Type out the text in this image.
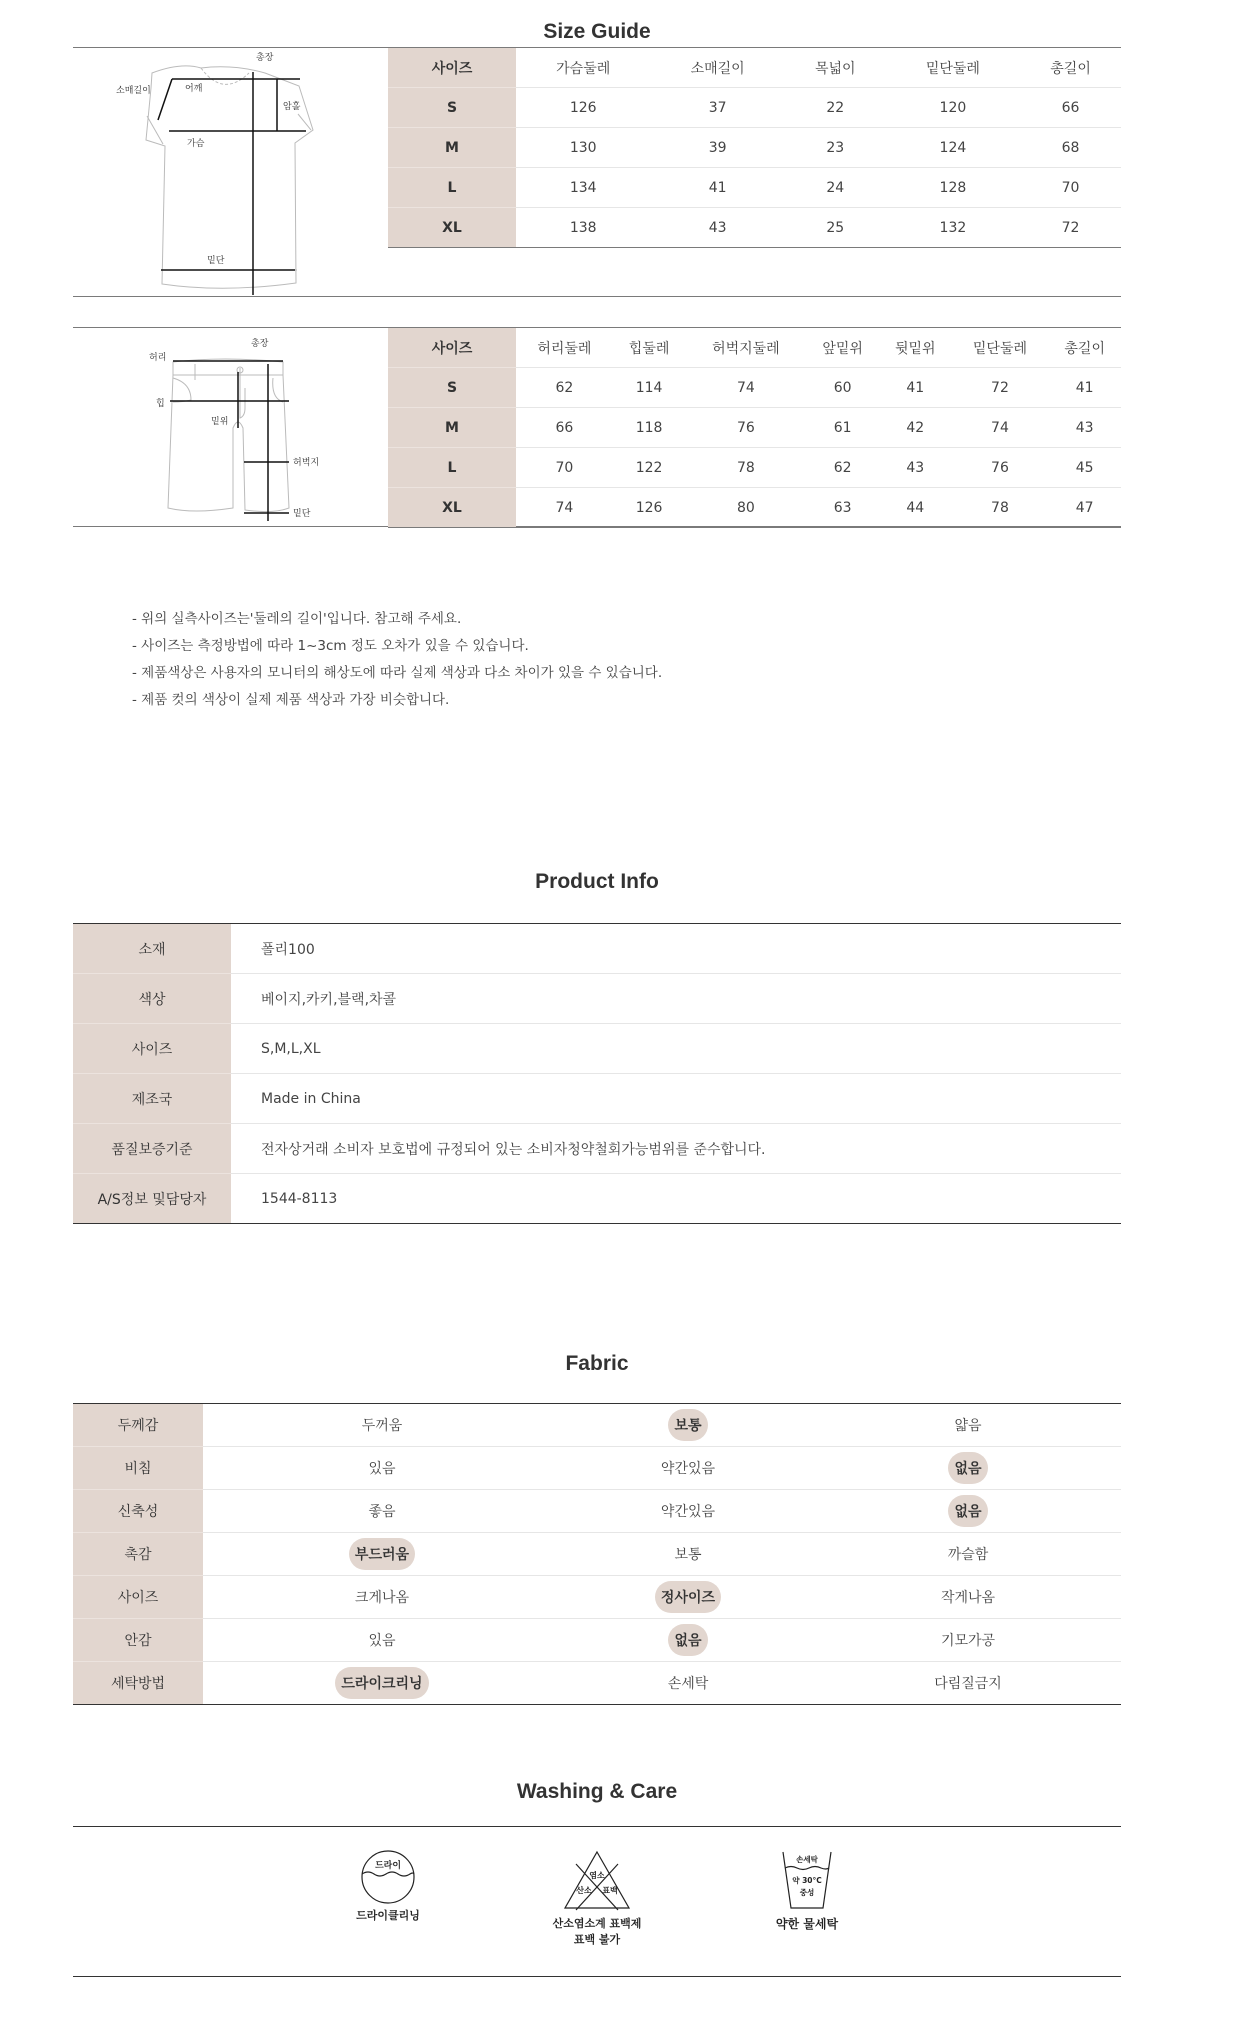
Size Guide
총장
소매길이	어깨
암홀
가슴
밑단
사이즈	가슴둘레	소매길이	목넓이	밑단둘레	총길이
S	126	37	22	120	66
M	130	39	23	124	68
L	134	41	24	128	70
XL	138	43	25	132	72
허리
총장
힙
밑위
허벅지
밑단
사이즈	허리둘레	힙둘레	허벅지둘레	앞밑위	뒷밑위	밑단둘레	총길이
S	62	114	74	60	41	72	41
M	66	118	76	61	42	74	43
L	70	122	78	62	43	76	45
XL	74	126	80	63	44	78	47
- 위의 실측사이즈는'둘레의 길이'입니다. 참고해 주세요.
- 사이즈는 측정방법에 따라 1~3cm 정도 오차가 있을 수 있습니다.
- 제품색상은 사용자의 모니터의 해상도에 따라 실제 색상과 다소 차이가 있을 수 있습니다.
- 제품 컷의 색상이 실제 제품 색상과 가장 비슷합니다.
Product Info
소재	폴리100
색상	베이지,카키,블랙,차콜
사이즈	S,M,L,XL
제조국	Made in China
품질보증기준	전자상거래 소비자 보호법에 규정되어 있는 소비자청약철회가능범위를 준수합니다.
A/S정보 및담당자	1544-8113
Fabric
두께감	두꺼움	보통	얇음
비침	있음	약간있음	없음
신축성	좋음	약간있음	없음
촉감	부드러움	보통	까슬함
사이즈	크게나옴	정사이즈	작게나옴
안감	있음	없음	기모가공
세탁방법	드라이크리닝	손세탁	다림질금지
Washing & Care
드라이
드라이클리닝
염소
산소 표백
산소염소계 표백제
표백 불가
손세탁
약 30°C
중성
약한 물세탁
